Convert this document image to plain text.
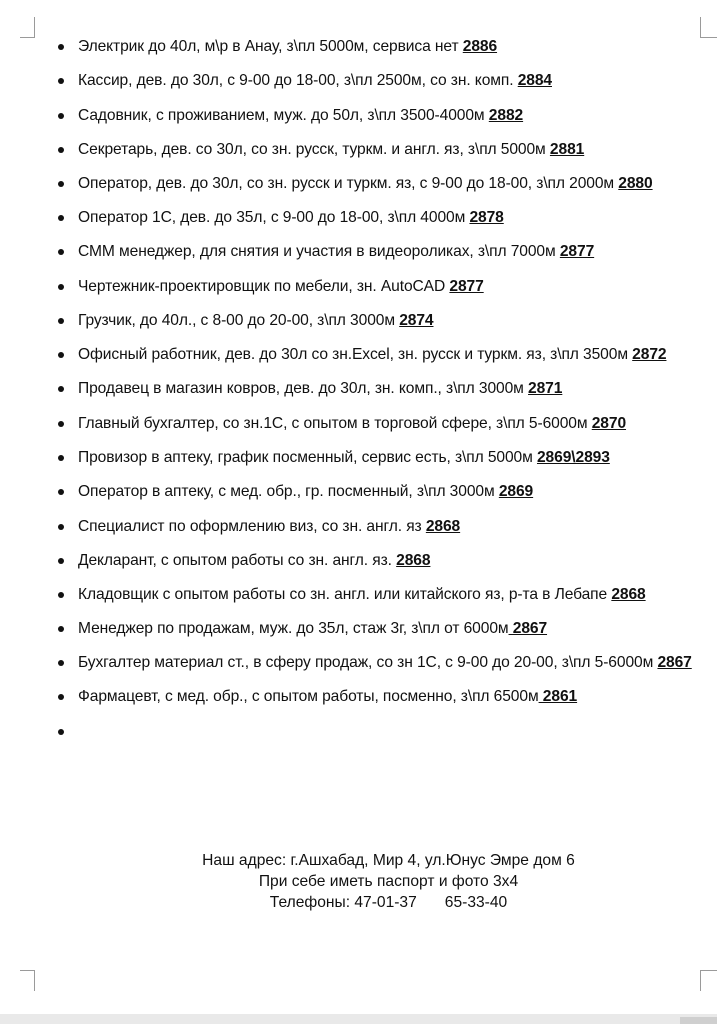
Электрик до 40л, м\р в Анау, з\пл 5000м, сервиса нет 2886
Кассир, дев. до 30л, с 9-00 до 18-00, з\пл 2500м, со зн. комп. 2884
Садовник, с проживанием, муж. до 50л, з\пл 3500-4000м 2882
Секретарь, дев. со 30л, со зн. русск, туркм. и англ. яз, з\пл 5000м 2881
Оператор, дев. до 30л, со зн. русск и туркм. яз, с 9-00 до 18-00, з\пл 2000м 2880
Оператор 1С, дев. до 35л, с 9-00 до 18-00, з\пл 4000м 2878
СММ менеджер, для снятия и участия в видеороликах, з\пл 7000м 2877
Чертежник-проектировщик по мебели, зн. AutoCAD 2877
Грузчик, до 40л., с 8-00 до 20-00, з\пл 3000м 2874
Офисный работник, дев. до 30л со зн.Excel, зн. русск и туркм. яз, з\пл 3500м 2872
Продавец в магазин ковров, дев. до 30л, зн. комп., з\пл 3000м 2871
Главный бухгалтер, со зн.1С, с опытом в торговой сфере, з\пл 5-6000м 2870
Провизор в аптеку, график посменный, сервис есть, з\пл 5000м 2869\2893
Оператор в аптеку, с мед. обр., гр. посменный, з\пл 3000м 2869
Специалист по оформлению виз, со зн. англ. яз 2868
Декларант, с опытом работы со зн. англ. яз. 2868
Кладовщик с опытом работы со зн. англ. или китайского яз, р-та в Лебапе 2868
Менеджер по продажам, муж. до 35л, стаж 3г, з\пл от 6000м 2867
Бухгалтер материал ст., в сферу продаж, со зн 1С, с 9-00 до 20-00, з\пл 5-6000м 2867
Фармацевт, с мед. обр., с опытом работы, посменно, з\пл 6500м 2861

Наш адрес: г.Ашхабад, Мир 4, ул.Юнус Эмре дом 6
При себе иметь паспорт и фото 3х4
Телефоны: 47-01-37 65-33-40
